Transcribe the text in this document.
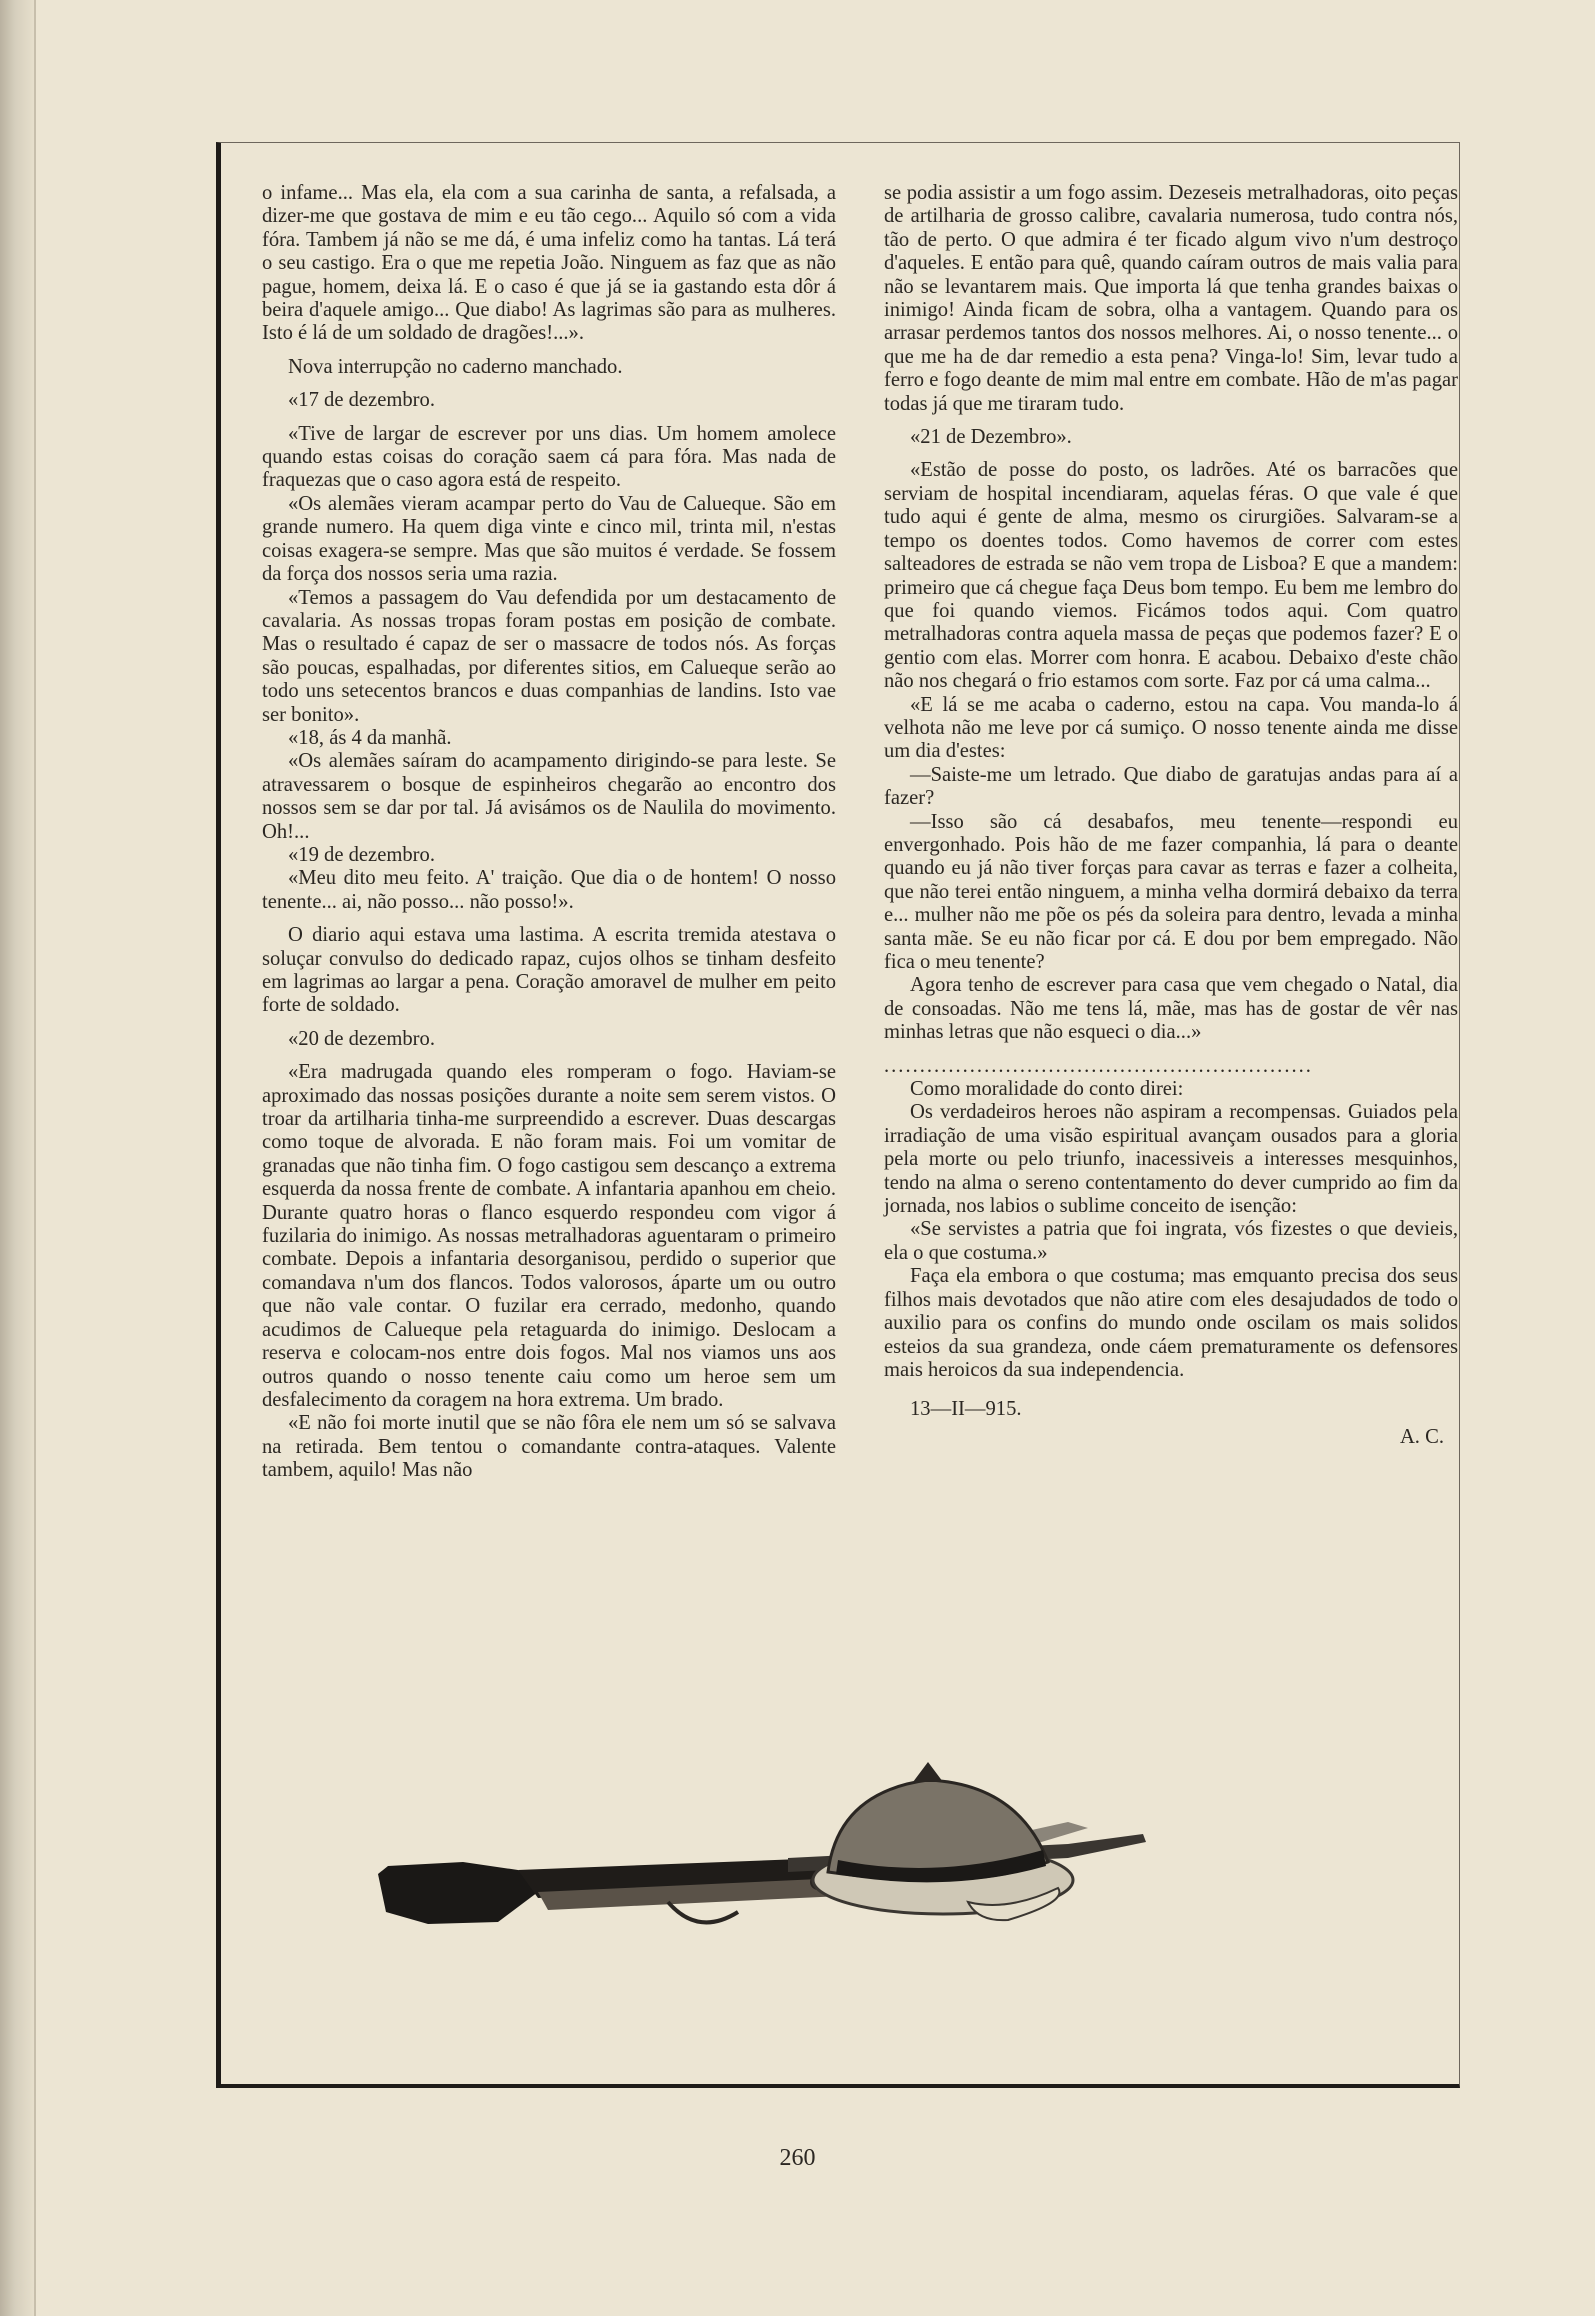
o infame... Mas ela, ela com a sua carinha de santa, a refalsada, a dizer-me que gostava de mim e eu tão cego... Aquilo só com a vida fóra. Tambem já não se me dá, é uma infeliz como ha tantas. Lá terá o seu castigo. Era o que me repetia João. Ninguem as faz que as não pague, homem, deixa lá. E o caso é que já se ia gastando esta dôr á beira d'aquele amigo... Que diabo! As lagrimas são para as mulheres. Isto é lá de um soldado de dragões!...».

Nova interrupção no caderno manchado.

«17 de dezembro.

«Tive de largar de escrever por uns dias. Um homem amolece quando estas coisas do coração saem cá para fóra. Mas nada de fraquezas que o caso agora está de respeito.

«Os alemães vieram acampar perto do Vau de Calueque. São em grande numero. Ha quem diga vinte e cinco mil, trinta mil, n'estas coisas exagera-se sempre. Mas que são muitos é verdade. Se fossem da força dos nossos seria uma razia.

«Temos a passagem do Vau defendida por um destacamento de cavalaria. As nossas tropas foram postas em posição de combate. Mas o resultado é capaz de ser o massacre de todos nós. As forças são poucas, espalhadas, por diferentes sitios, em Calueque serão ao todo uns setecentos brancos e duas companhias de landins. Isto vae ser bonito».

«18, ás 4 da manhã.

«Os alemães saíram do acampamento dirigindo-se para leste. Se atravessarem o bosque de espinheiros chegarão ao encontro dos nossos sem se dar por tal. Já avisámos os de Naulila do movimento. Oh!...

«19 de dezembro.

«Meu dito meu feito. A' traição. Que dia o de hontem! O nosso tenente... ai, não posso... não posso!».

O diario aqui estava uma lastima. A escrita tremida atestava o soluçar convulso do dedicado rapaz, cujos olhos se tinham desfeito em lagrimas ao largar a pena. Coração amoravel de mulher em peito forte de soldado.

«20 de dezembro.

«Era madrugada quando eles romperam o fogo. Haviam-se aproximado das nossas posições durante a noite sem serem vistos. O troar da artilharia tinha-me surpreendido a escrever. Duas descargas como toque de alvorada. E não foram mais. Foi um vomitar de granadas que não tinha fim. O fogo castigou sem descanço a extrema esquerda da nossa frente de combate. A infantaria apanhou em cheio. Durante quatro horas o flanco esquerdo respondeu com vigor á fuzilaria do inimigo. As nossas metralhadoras aguentaram o primeiro combate. Depois a infantaria desorganisou, perdido o superior que comandava n'um dos flancos. Todos valorosos, áparte um ou outro que não vale contar. O fuzilar era cerrado, medonho, quando acudimos de Calueque pela retaguarda do inimigo. Deslocam a reserva e colocam-nos entre dois fogos. Mal nos viamos uns aos outros quando o nosso tenente caiu como um heroe sem um desfalecimento da coragem na hora extrema. Um brado.

«E não foi morte inutil que se não fôra ele nem um só se salvava na retirada. Bem tentou o comandante contra-ataques. Valente tambem, aquilo! Mas não

se podia assistir a um fogo assim. Dezeseis metralhadoras, oito peças de artilharia de grosso calibre, cavalaria numerosa, tudo contra nós, tão de perto. O que admira é ter ficado algum vivo n'um destroço d'aqueles. E então para quê, quando caíram outros de mais valia para não se levantarem mais. Que importa lá que tenha grandes baixas o inimigo! Ainda ficam de sobra, olha a vantagem. Quando para os arrasar perdemos tantos dos nossos melhores. Ai, o nosso tenente... o que me ha de dar remedio a esta pena? Vinga-lo! Sim, levar tudo a ferro e fogo deante de mim mal entre em combate. Hão de m'as pagar todas já que me tiraram tudo.

«21 de Dezembro».

«Estão de posse do posto, os ladrões. Até os barracões que serviam de hospital incendiaram, aquelas féras. O que vale é que tudo aqui é gente de alma, mesmo os cirurgiões. Salvaram-se a tempo os doentes todos. Como havemos de correr com estes salteadores de estrada se não vem tropa de Lisboa? E que a mandem: primeiro que cá chegue faça Deus bom tempo. Eu bem me lembro do que foi quando viemos. Ficámos todos aqui. Com quatro metralhadoras contra aquela massa de peças que podemos fazer? E o gentio com elas. Morrer com honra. E acabou. Debaixo d'este chão não nos chegará o frio estamos com sorte. Faz por cá uma calma...

«E lá se me acaba o caderno, estou na capa. Vou manda-lo á velhota não me leve por cá sumiço. O nosso tenente ainda me disse um dia d'estes:

—Saiste-me um letrado. Que diabo de garatujas andas para aí a fazer?

—Isso são cá desabafos, meu tenente—respondi eu envergonhado. Pois hão de me fazer companhia, lá para o deante quando eu já não tiver forças para cavar as terras e fazer a colheita, que não terei então ninguem, a minha velha dormirá debaixo da terra e... mulher não me põe os pés da soleira para dentro, levada a minha santa mãe. Se eu não ficar por cá. E dou por bem empregado. Não fica o meu tenente?

Agora tenho de escrever para casa que vem chegado o Natal, dia de consoadas. Não me tens lá, mãe, mas has de gostar de vêr nas minhas letras que não esqueci o dia...»

............................................................

Como moralidade do conto direi:

Os verdadeiros heroes não aspiram a recompensas. Guiados pela irradiação de uma visão espiritual avançam ousados para a gloria pela morte ou pelo triunfo, inacessiveis a interesses mesquinhos, tendo na alma o sereno contentamento do dever cumprido ao fim da jornada, nos labios o sublime conceito de isenção:

«Se servistes a patria que foi ingrata, vós fizestes o que devieis, ela o que costuma.»

Faça ela embora o que costuma; mas emquanto precisa dos seus filhos mais devotados que não atire com eles desajudados de todo o auxilio para os confins do mundo onde oscilam os mais solidos esteios da sua grandeza, onde cáem prematuramente os defensores mais heroicos da sua independencia.

13—II—915.

A. C.

260
